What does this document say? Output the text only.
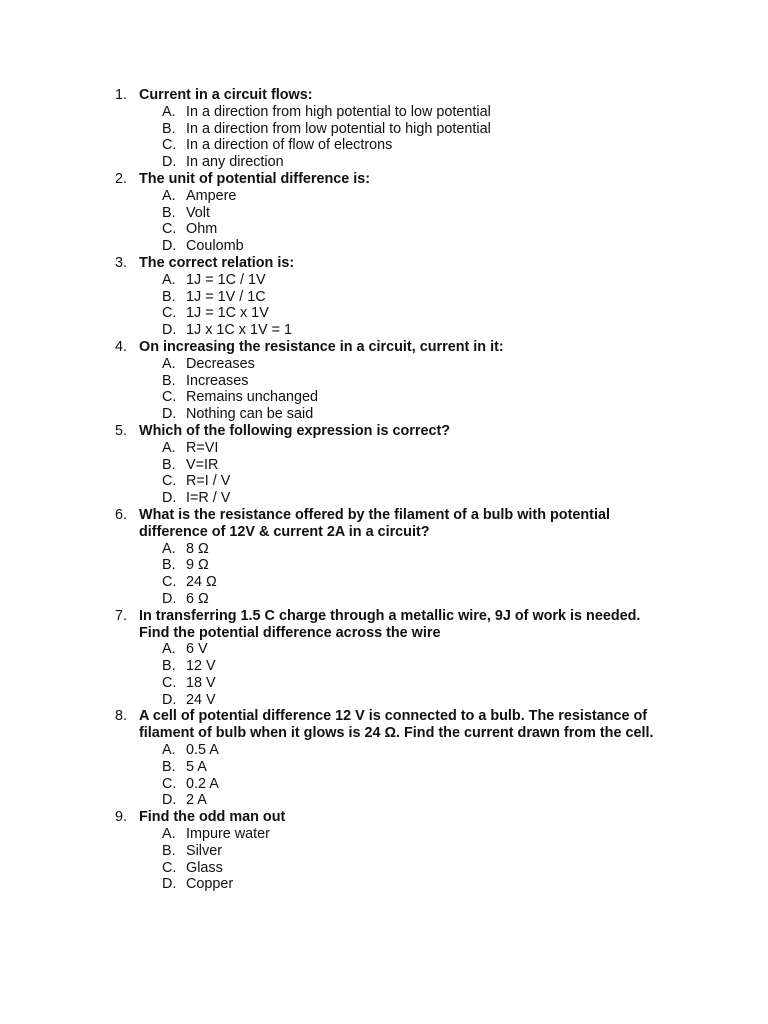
1. Current in a circuit flows:
A. In a direction from high potential to low potential
B. In a direction from low potential to high potential
C. In a direction of flow of electrons
D. In any direction
2. The unit of potential difference is:
A. Ampere
B. Volt
C. Ohm
D. Coulomb
3. The correct relation is:
A. 1J = 1C / 1V
B. 1J = 1V / 1C
C. 1J = 1C x 1V
D. 1J x 1C x 1V = 1
4. On increasing the resistance in a circuit, current in it:
A. Decreases
B. Increases
C. Remains unchanged
D. Nothing can be said
5. Which of the following expression is correct?
A. R=VI
B. V=IR
C. R=I / V
D. I=R / V
6. What is the resistance offered by the filament of a bulb with potential difference of 12V & current 2A in a circuit?
A. 8 Ω
B. 9 Ω
C. 24 Ω
D. 6 Ω
7. In transferring 1.5 C charge through a metallic wire, 9J of work is needed. Find the potential difference across the wire
A. 6 V
B. 12 V
C. 18 V
D. 24 V
8. A cell of potential difference 12 V is connected to a bulb. The resistance of filament of bulb when it glows is 24 Ω. Find the current drawn from the cell.
A. 0.5 A
B. 5 A
C. 0.2 A
D. 2 A
9. Find the odd man out
A. Impure water
B. Silver
C. Glass
D. Copper
